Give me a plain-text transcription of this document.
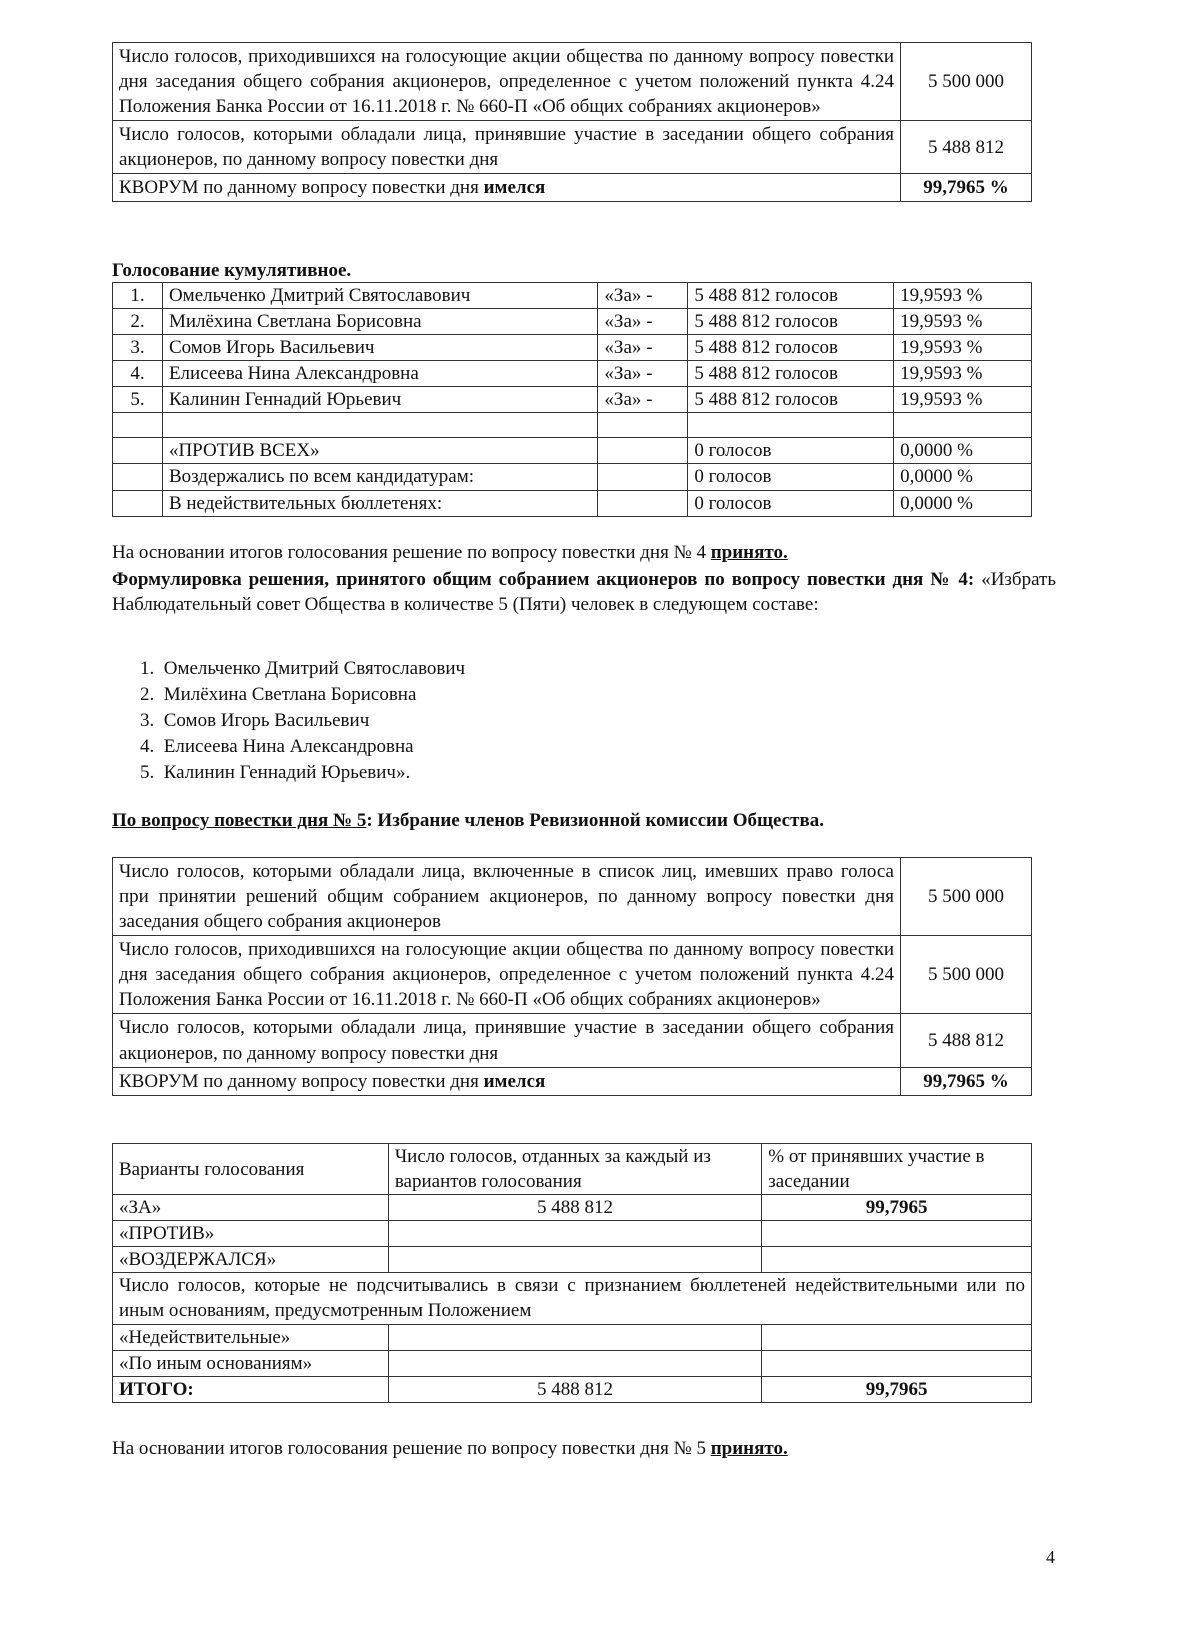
Число голосов, приходившихся на голосующие акции общества по данному вопросу повестки дня заседания общего собрания акционеров, определенное с учетом положений пункта 4.24 Положения Банка России от 16.11.2018 г. № 660-П «Об общих собраниях акционеров»	5 500 000
Число голосов, которыми обладали лица, принявшие участие в заседании общего собрания акционеров, по данному вопросу повестки дня	5 488 812
КВОРУМ по данному вопросу повестки дня имелся	99,7965 %
Голосование кумулятивное.
1.	Омельченко Дмитрий Святославович	«За» -	5 488 812 голосов	19,9593 %
2.	Милёхина Светлана Борисовна	«За» -	5 488 812 голосов	19,9593 %
3.	Сомов Игорь Васильевич	«За» -	5 488 812 голосов	19,9593 %
4.	Елисеева Нина Александровна	«За» -	5 488 812 голосов	19,9593 %
5.	Калинин Геннадий Юрьевич	«За» -	5 488 812 голосов	19,9593 %

	«ПРОТИВ ВСЕХ»		0 голосов	0,0000 %
	Воздержались по всем кандидатурам:		0 голосов	0,0000 %
	В недействительных бюллетенях:		0 голосов	0,0000 %
На основании итогов голосования решение по вопросу повестки дня № 4 принято.
Формулировка решения, принятого общим собранием акционеров по вопросу повестки дня № 4: «Избрать Наблюдательный совет Общества в количестве 5 (Пяти) человек в следующем составе:
1. Омельченко Дмитрий Святославович
2. Милёхина Светлана Борисовна
3. Сомов Игорь Васильевич
4. Елисеева Нина Александровна
5. Калинин Геннадий Юрьевич».
По вопросу повестки дня № 5: Избрание членов Ревизионной комиссии Общества.
Число голосов, которыми обладали лица, включенные в список лиц, имевших право голоса при принятии решений общим собранием акционеров, по данному вопросу повестки дня заседания общего собрания акционеров	5 500 000
Число голосов, приходившихся на голосующие акции общества по данному вопросу повестки дня заседания общего собрания акционеров, определенное с учетом положений пункта 4.24 Положения Банка России от 16.11.2018 г. № 660-П «Об общих собраниях акционеров»	5 500 000
Число голосов, которыми обладали лица, принявшие участие в заседании общего собрания акционеров, по данному вопросу повестки дня	5 488 812
КВОРУМ по данному вопросу повестки дня имелся	99,7965 %
Варианты голосования	Число голосов, отданных за каждый из вариантов голосования	% от принявших участие в заседании
«ЗА»	5 488 812	99,7965
«ПРОТИВ»		
«ВОЗДЕРЖАЛСЯ»		
Число голосов, которые не подсчитывались в связи с признанием бюллетеней недействительными или по иным основаниям, предусмотренным Положением		
«Недействительные»		
«По иным основаниям»		
ИТОГО:	5 488 812	99,7965
На основании итогов голосования решение по вопросу повестки дня № 5 принято.
4
